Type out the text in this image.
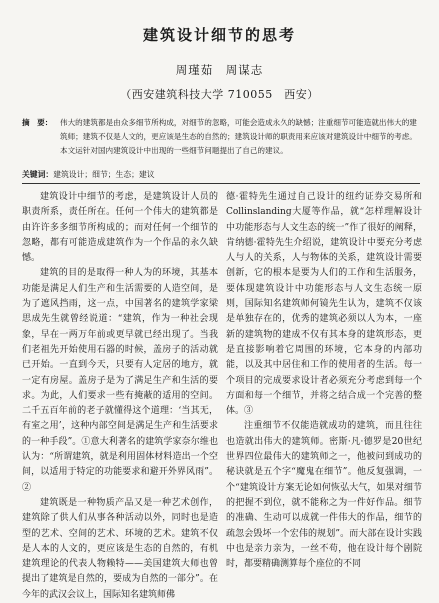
建筑设计细节的思考
周瑾茹　周谋志
（西安建筑科技大学 710055　西安）
摘　要： 伟大的建筑都是由众多细节所构成，对细节的忽略，可能会造成永久的缺憾；注重细节可能造就出伟大的建筑师；建筑不仅是人文的，更应该是生态的自然的；建筑设计师的职责用来应该对建筑设计中细节的考虑。本文运针对国内建筑设计中出现的一些细节问题提出了自己的建议。
关键词：建筑设计；细节；生态；建议

建筑设计中细节的考虑，是建筑设计人员的职责所系，责任所在。任何一个伟大的建筑都是由许许多多细节所构成的；而对任何一个细节的忽略，都有可能造成建筑作为一个作品的永久缺憾。

建筑的目的是取得一种人为的环境，其基本功能是满足人们生产和生活需要的人造空间，是为了遮风挡雨，这一点，中国著名的建筑学家梁思成先生就曾经说道：“建筑，作为一种社会现象，早在一两万年前或更早就已经出现了。当我们老祖先开始使用石器的时候，盖房子的活动就已开始。一直到今天，只要有人定居的地方，就一定有房屋。盖房子是为了满足生产和生活的要求。为此，人们要求一些有掩蔽的适用的空间。二千五百年前的老子就懂得这个道理：‘当其无，有室之用’，这种内部空间是满足生产和生活要求的一种手段”。①意大利著名的建筑学家奈尔维也认为：“所谓建筑，就是利用固体材料造出一个空间，以适用于特定的功能要求和避开外界风雨”。②

建筑既是一种物质产品又是一种艺术创作，建筑除了供人们从事各种活动以外，同时也是造型的艺术、空间的艺术、环境的艺术。建筑不仅是人本的人文的，更应该是生态的自然的，有机建筑理论的代表人物赖特——美国建筑大师也曾提出了建筑是自然的，要成为自然的一部分”。在今年的武汉会议上，国际知名建筑师佛

德·霍特先生通过自己设计的纽约证券交易所和Collinslanding大厦等作品，就“怎样理解设计中功能形态与人文生态的统一”作了很好的阐释，肯纳德·霍特先生介绍说，建筑设计中要充分考虑人与人的关系，人与物体的关系，建筑设计需要创新，它的根本是要为人们的工作和生活服务，要体现建筑设计中功能形态与人文生态统一原则，国际知名建筑师何镜先生认为，建筑不仅该是单独存在的，优秀的建筑必须以人为本，一座新的建筑物的建成不仅有其本身的建筑形态，更是直接影响着它周围的环境，它本身的内部功能，以及其中居住和工作的使用者的生活。每一个项目的完成要求设计者必须充分考虑到每一个方面和每一个细节，并将之结合成一个完善的整体。③

注重细节不仅能造就成功的建筑，而且往往也造就出伟大的建筑师。密斯·凡·德罗是20世纪世界四位最伟大的建筑师之一，他被问到成功的秘诀就是五个字“魔鬼在细节”。他反复强调，一个“建筑设计方案无论如何恢弘大气，如果对细节的把握不到位，就不能称之为一件好作品。细节的准确、生动可以成就一件伟大的作品，细节的疏忽会毁坏一个宏伟的规划”。而大部在设计实践中也是亲力亲为，一丝不苟，他在设计每个剧院时，都要精确测算每个座位的不同
